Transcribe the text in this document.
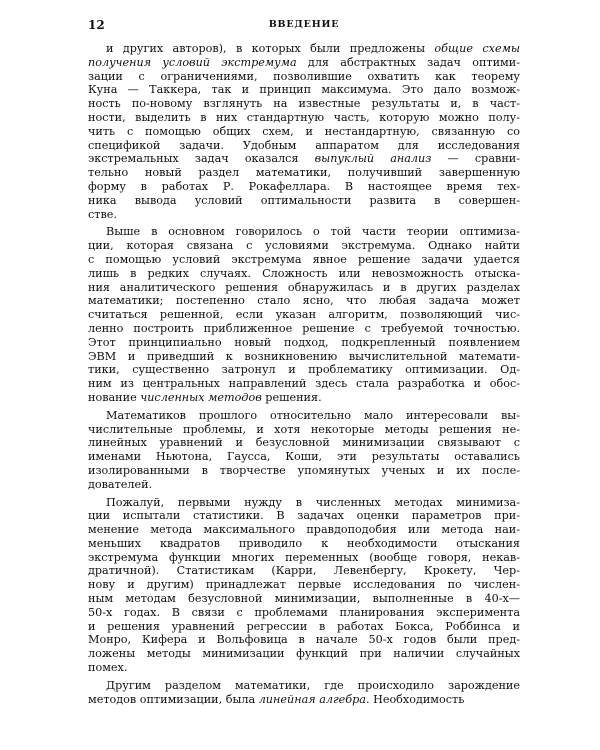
12	ВВЕДЕНИЕ
и других авторов), в которых были предложены общие схемы
получения условий экстремума для абстрактных задач оптими-
зации с ограничениями, позволившие охватить как теорему
Куна — Таккера, так и принцип максимума. Это дало возмож-
ность по-новому взглянуть на известные результаты и, в част-
ности, выделить в них стандартную часть, которую можно полу-
чить с помощью общих схем, и нестандартную, связанную со
спецификой задачи. Удобным аппаратом для исследования
экстремальных задач оказался выпуклый анализ — сравни-
тельно новый раздел математики, получивший завершенную
форму в работах Р. Рокафеллара. В настоящее время тех-
ника вывода условий оптимальности развита в совершен-
стве.
Выше в основном говорилось о той части теории оптимиза-
ции, которая связана с условиями экстремума. Однако найти
с помощью условий экстремума явное решение задачи удается
лишь в редких случаях. Сложность или невозможность отыска-
ния аналитического решения обнаружилась и в других разделах
математики; постепенно стало ясно, что любая задача может
считаться решенной, если указан алгоритм, позволяющий чис-
ленно построить приближенное решение с требуемой точностью.
Этот принципиально новый подход, подкрепленный появлением
ЭВМ и приведший к возникновению вычислительной математи-
тики, существенно затронул и проблематику оптимизации. Од-
ним из центральных направлений здесь стала разработка и обос-
нование численных методов решения.
Математиков прошлого относительно мало интересовали вы-
числительные проблемы, и хотя некоторые методы решения не-
линейных уравнений и безусловной минимизации связывают с
именами Ньютона, Гаусса, Коши, эти результаты оставались
изолированными в творчестве упомянутых ученых и их после-
дователей.
Пожалуй, первыми нужду в численных методах минимиза-
ции испытали статистики. В задачах оценки параметров при-
менение метода максимального правдоподобия или метода наи-
меньших квадратов приводило к необходимости отыскания
экстремума функции многих переменных (вообще говоря, некав-
дратичной). Статистикам (Карри, Левенбергу, Крокету, Чер-
нову и другим) принадлежат первые исследования по числен-
ным методам безусловной минимизации, выполненные в 40-х—
50-х годах. В связи с проблемами планирования эксперимента
и решения уравнений регрессии в работах Бокса, Роббинса и
Монро, Кифера и Вольфовица в начале 50-х годов были пред-
ложены методы минимизации функций при наличии случайных
помех.
Другим разделом математики, где происходило зарождение
методов оптимизации, была линейная алгебра. Необходимость
